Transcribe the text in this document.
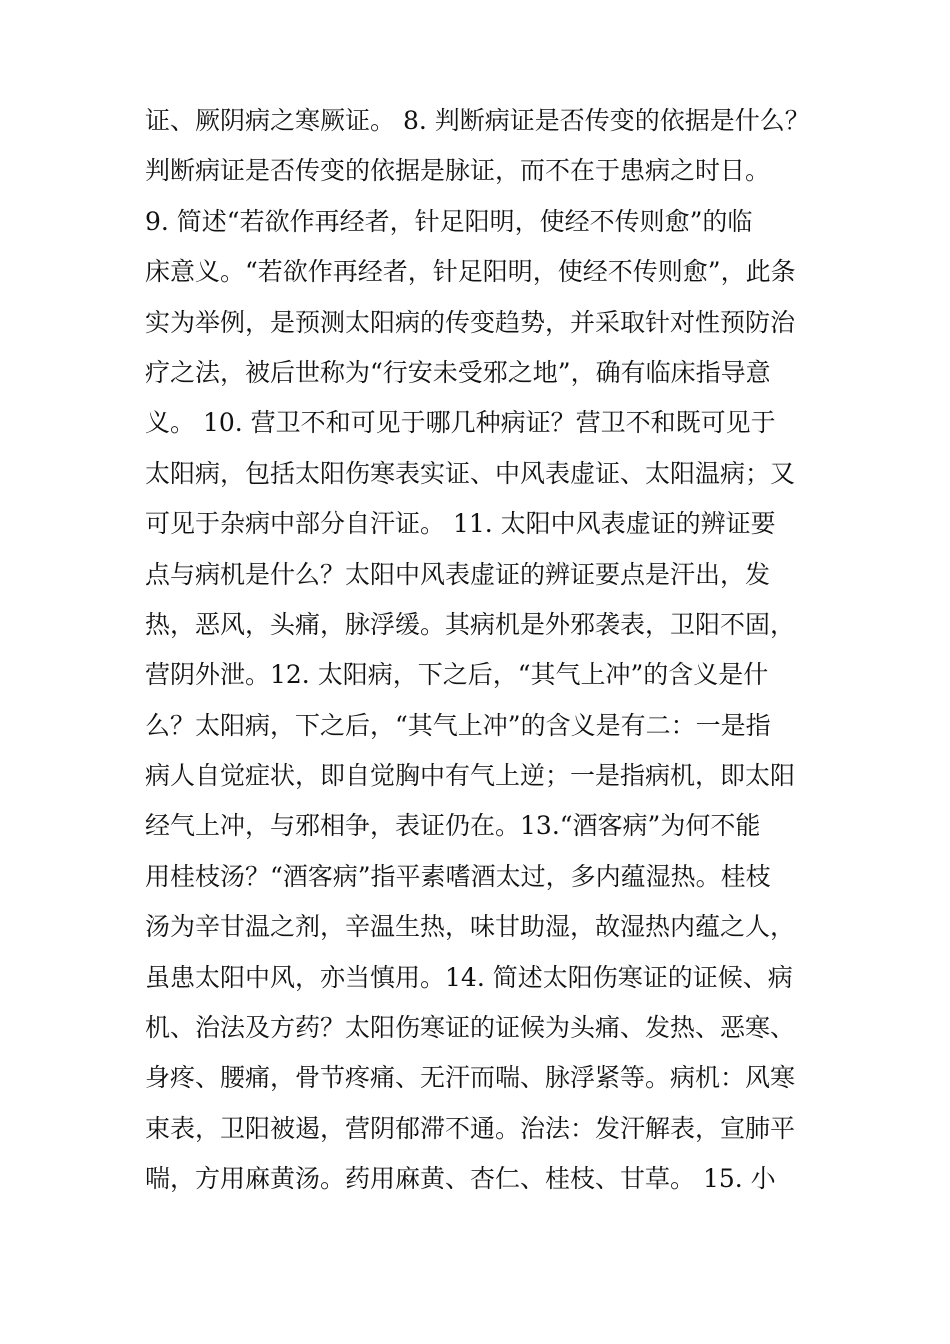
证、厥阴病之寒厥证。 8. 判断病证是否传变的依据是什么？
判断病证是否传变的依据是脉证，而不在于患病之时日。
9. 简述“若欲作再经者，针足阳明，使经不传则愈”的临
床意义。“若欲作再经者，针足阳明，使经不传则愈”，此条
实为举例，是预测太阳病的传变趋势，并采取针对性预防治
疗之法，被后世称为“行安未受邪之地”，确有临床指导意
义。 10. 营卫不和可见于哪几种病证？营卫不和既可见于
太阳病，包括太阳伤寒表实证、中风表虚证、太阳温病；又
可见于杂病中部分自汗证。 11. 太阳中风表虚证的辨证要
点与病机是什么？太阳中风表虚证的辨证要点是汗出，发
热，恶风，头痛，脉浮缓。其病机是外邪袭表，卫阳不固，
营阴外泄。12. 太阳病，下之后，“其气上冲”的含义是什
么？太阳病，下之后，“其气上冲”的含义是有二：一是指
病人自觉症状，即自觉胸中有气上逆；一是指病机，即太阳
经气上冲，与邪相争，表证仍在。13.“酒客病”为何不能
用桂枝汤？“酒客病”指平素嗜酒太过，多内蕴湿热。桂枝
汤为辛甘温之剂，辛温生热，味甘助湿，故湿热内蕴之人，
虽患太阳中风，亦当慎用。14. 简述太阳伤寒证的证候、病
机、治法及方药？太阳伤寒证的证候为头痛、发热、恶寒、
身疼、腰痛，骨节疼痛、无汗而喘、脉浮紧等。病机：风寒
束表，卫阳被遏，营阴郁滞不通。治法：发汗解表，宣肺平
喘，方用麻黄汤。药用麻黄、杏仁、桂枝、甘草。 15. 小
